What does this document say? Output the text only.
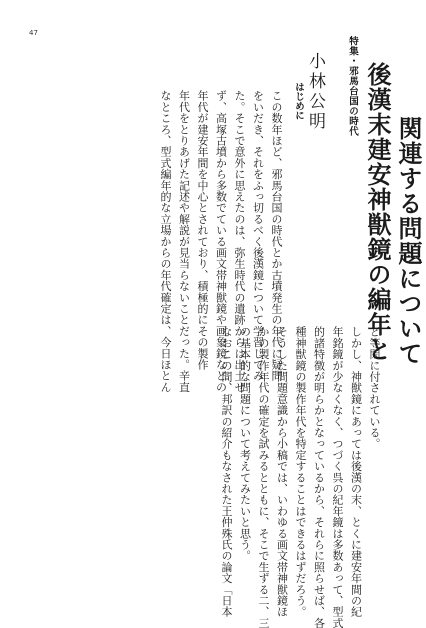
47
特集・邪馬台国の時代 後漢末建安神獣鏡の編年と 関連する問題について
小林公明
はじめに
この数年ほど、邪馬台国の時代とか古墳発生の年代に疑問
をいだき、それをふっ切るべく後漢鏡について学習してみ
た。そこで意外に思えたのは、弥生時代の遺跡からは出土せ
ず、高塚古墳から多数でている画文帯神獣鏡や画象鏡などの
年代が建安年間を中心とされており、積極的にその製作
年代をとりあげた記述や解説が見当らないことだった。辛直
なところ、型式編年的な立場からの年代確定は、今日ほとん	ど等閑に付されている。
しかし、神獣鏡にあっては後漢の末、とくに建安年間の紀
年銘鏡が少なくなく、つづく呉の紀年鏡は多数あって、型式
的諸特徴が明らかとなっているから、それらに照らせば、各
種神獣鏡の製作年代を特定することはできるはずだろう。
そうした問題意識から小稿では、いわゆる画文帯神獣鏡ほ
かの製作年代の確定を試みるとともに、そこで生ずる二、三
の基本的な問題について考えてみたいと思う。
なおこの間、邦訳の紹介もなされた王仲殊氏の論文「日本
